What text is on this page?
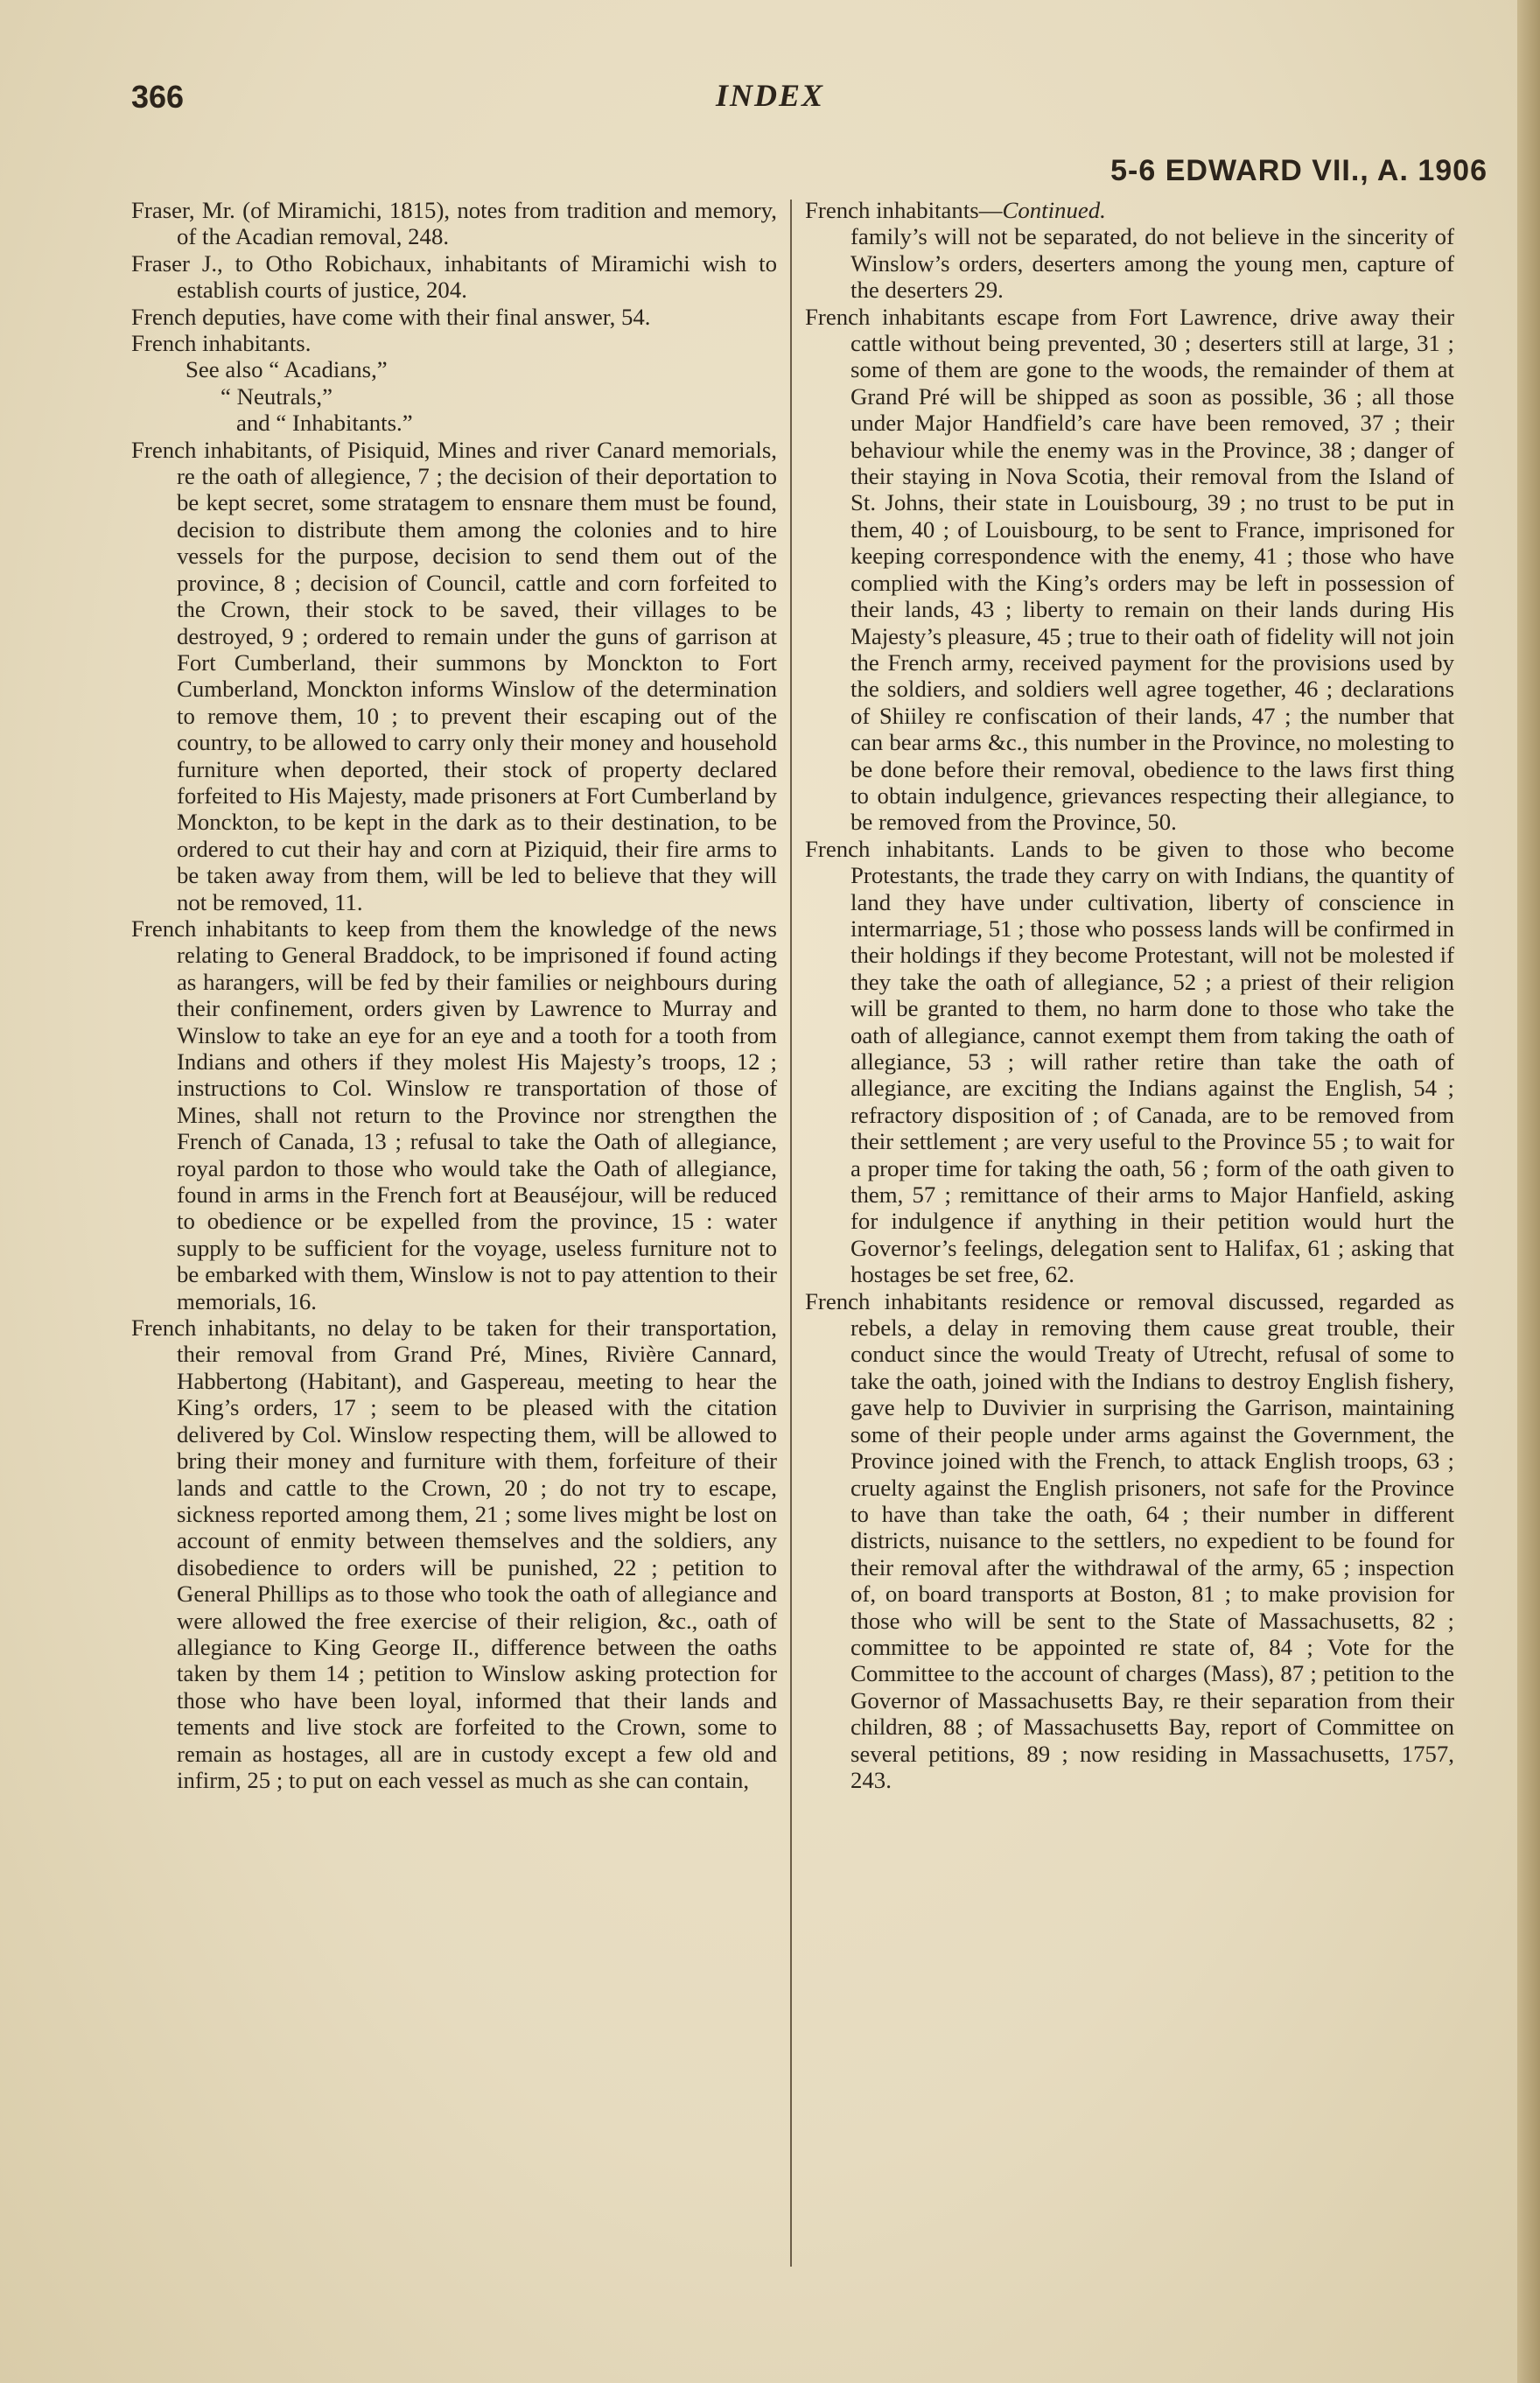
366	INDEX
5-6 EDWARD VII., A. 1906

Fraser, Mr. (of Miramichi, 1815), notes from tradition and memory, of the Acadian removal, 248.

Fraser J., to Otho Robichaux, inhabitants of Miramichi wish to establish courts of justice, 204.

French deputies, have come with their final answer, 54.

French inhabitants.

See also “ Acadians,”

“ Neutrals,”

and “ Inhabitants.”

French inhabitants, of Pisiquid, Mines and river Canard memorials, re the oath of allegience, 7 ; the decision of their deportation to be kept secret, some stratagem to ensnare them must be found, decision to distribute them among the colonies and to hire vessels for the purpose, decision to send them out of the province, 8 ; decision of Council, cattle and corn forfeited to the Crown, their stock to be saved, their villages to be destroyed, 9 ; ordered to remain under the guns of garrison at Fort Cumberland, their summons by Monckton to Fort Cumberland, Monckton informs Winslow of the determination to remove them, 10 ; to prevent their escaping out of the country, to be allowed to carry only their money and household furniture when deported, their stock of property declared forfeited to His Majesty, made prisoners at Fort Cumberland by Monckton, to be kept in the dark as to their destination, to be ordered to cut their hay and corn at Piziquid, their fire arms to be taken away from them, will be led to believe that they will not be removed, 11.

French inhabitants to keep from them the knowledge of the news relating to General Braddock, to be imprisoned if found acting as harangers, will be fed by their families or neighbours during their confinement, orders given by Lawrence to Murray and Winslow to take an eye for an eye and a tooth for a tooth from Indians and others if they molest His Majesty’s troops, 12 ; instructions to Col. Winslow re transportation of those of Mines, shall not return to the Province nor strengthen the French of Canada, 13 ; refusal to take the Oath of allegiance, royal pardon to those who would take the Oath of allegiance, found in arms in the French fort at Beauséjour, will be reduced to obedience or be expelled from the province, 15 : water supply to be sufficient for the voyage, useless furniture not to be embarked with them, Winslow is not to pay attention to their memorials, 16.

French inhabitants, no delay to be taken for their transportation, their removal from Grand Pré, Mines, Rivière Cannard, Habbertong (Habitant), and Gaspereau, meeting to hear the King’s orders, 17 ; seem to be pleased with the citation delivered by Col. Winslow respecting them, will be allowed to bring their money and furniture with them, forfeiture of their lands and cattle to the Crown, 20 ; do not try to escape, sickness reported among them, 21 ; some lives might be lost on account of enmity between themselves and the soldiers, any disobedience to orders will be punished, 22 ; petition to General Phillips as to those who took the oath of allegiance and were allowed the free exercise of their religion, &c., oath of allegiance to King George II., difference between the oaths taken by them 14 ; petition to Winslow asking protection for those who have been loyal, informed that their lands and tements and live stock are forfeited to the Crown, some to remain as hostages, all are in custody except a few old and infirm, 25 ; to put on each vessel as much as she can contain,

French inhabitants—Continued.
family’s will not be separated, do not believe in the sincerity of Winslow’s orders, deserters among the young men, capture of the deserters 29.

French inhabitants escape from Fort Lawrence, drive away their cattle without being prevented, 30 ; deserters still at large, 31 ; some of them are gone to the woods, the remainder of them at Grand Pré will be shipped as soon as possible, 36 ; all those under Major Handfield’s care have been removed, 37 ; their behaviour while the enemy was in the Province, 38 ; danger of their staying in Nova Scotia, their removal from the Island of St. Johns, their state in Louisbourg, 39 ; no trust to be put in them, 40 ; of Louisbourg, to be sent to France, imprisoned for keeping correspondence with the enemy, 41 ; those who have complied with the King’s orders may be left in possession of their lands, 43 ; liberty to remain on their lands during His Majesty’s pleasure, 45 ; true to their oath of fidelity will not join the French army, received payment for the provisions used by the soldiers, and soldiers well agree together, 46 ; declarations of Shiiley re confiscation of their lands, 47 ; the number that can bear arms &c., this number in the Province, no molesting to be done before their removal, obedience to the laws first thing to obtain indulgence, grievances respecting their allegiance, to be removed from the Province, 50.

French inhabitants. Lands to be given to those who become Protestants, the trade they carry on with Indians, the quantity of land they have under cultivation, liberty of conscience in intermarriage, 51 ; those who possess lands will be confirmed in their holdings if they become Protestant, will not be molested if they take the oath of allegiance, 52 ; a priest of their religion will be granted to them, no harm done to those who take the oath of allegiance, cannot exempt them from taking the oath of allegiance, 53 ; will rather retire than take the oath of allegiance, are exciting the Indians against the English, 54 ; refractory disposition of ; of Canada, are to be removed from their settlement ; are very useful to the Province 55 ; to wait for a proper time for taking the oath, 56 ; form of the oath given to them, 57 ; remittance of their arms to Major Hanfield, asking for indulgence if anything in their petition would hurt the Governor’s feelings, delegation sent to Halifax, 61 ; asking that hostages be set free, 62.

French inhabitants residence or removal discussed, regarded as rebels, a delay in removing them cause great trouble, their conduct since the would Treaty of Utrecht, refusal of some to take the oath, joined with the Indians to destroy English fishery, gave help to Duvivier in surprising the Garrison, maintaining some of their people under arms against the Government, the Province joined with the French, to attack English troops, 63 ; cruelty against the English prisoners, not safe for the Province to have than take the oath, 64 ; their number in different districts, nuisance to the settlers, no expedient to be found for their removal after the withdrawal of the army, 65 ; inspection of, on board transports at Boston, 81 ; to make provision for those who will be sent to the State of Massachusetts, 82 ; committee to be appointed re state of, 84 ; Vote for the Committee to the account of charges (Mass), 87 ; petition to the Governor of Massachusetts Bay, re their separation from their children, 88 ; of Massachusetts Bay, report of Committee on several petitions, 89 ; now residing in Massachusetts, 1757, 243.
